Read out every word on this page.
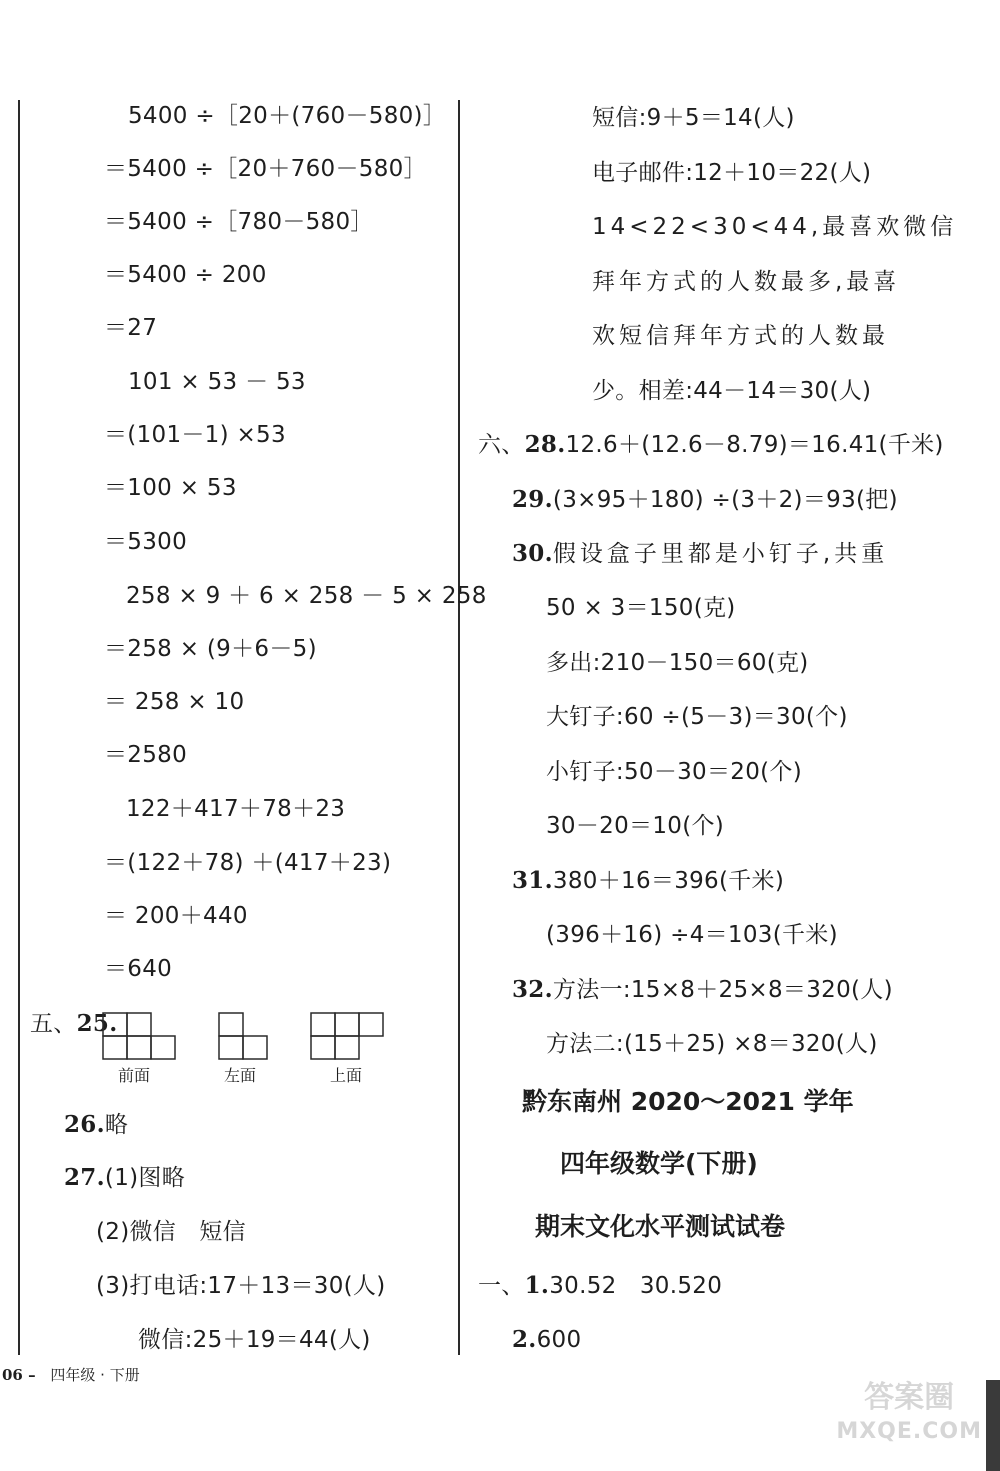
5400 ÷［20＋(760－580)］
＝5400 ÷［20＋760－580］
＝5400 ÷［780－580］
＝5400 ÷ 200
＝27
101 × 53 － 53
＝(101－1) ×53
＝100 × 53
＝5300
258 × 9 ＋ 6 × 258 － 5 × 258
＝258 × (9＋6－5)
＝ 258 × 10
＝2580
122＋417＋78＋23
＝(122＋78) ＋(417＋23)
＝ 200＋440
＝640
五、25.
前面	左面	上面
26.略
27.(1)图略
(2)微信　短信
(3)打电话:17＋13＝30(人)
微信:25＋19＝44(人)
短信:9＋5＝14(人)
电子邮件:12＋10＝22(人)
14<22<30<44,最喜欢微信
拜年方式的人数最多,最喜
欢短信拜年方式的人数最
少。相差:44－14＝30(人)
六、28.12.6＋(12.6－8.79)＝16.41(千米)
29.(3×95＋180) ÷(3＋2)＝93(把)
30.假设盒子里都是小钉子,共重
50 × 3＝150(克)
多出:210－150＝60(克)
大钉子:60 ÷(5－3)＝30(个)
小钉子:50－30＝20(个)
30－20＝10(个)
31.380＋16＝396(千米)
(396＋16) ÷4＝103(千米)
32.方法一:15×8＋25×8＝320(人)
方法二:(15＋25) ×8＝320(人)
黔东南州 2020～2021 学年
四年级数学(下册)
期末文化水平测试试卷
一、1.30.52　30.520
2.600
06 – 四年级 · 下册
答案圈
MXQE.COM
